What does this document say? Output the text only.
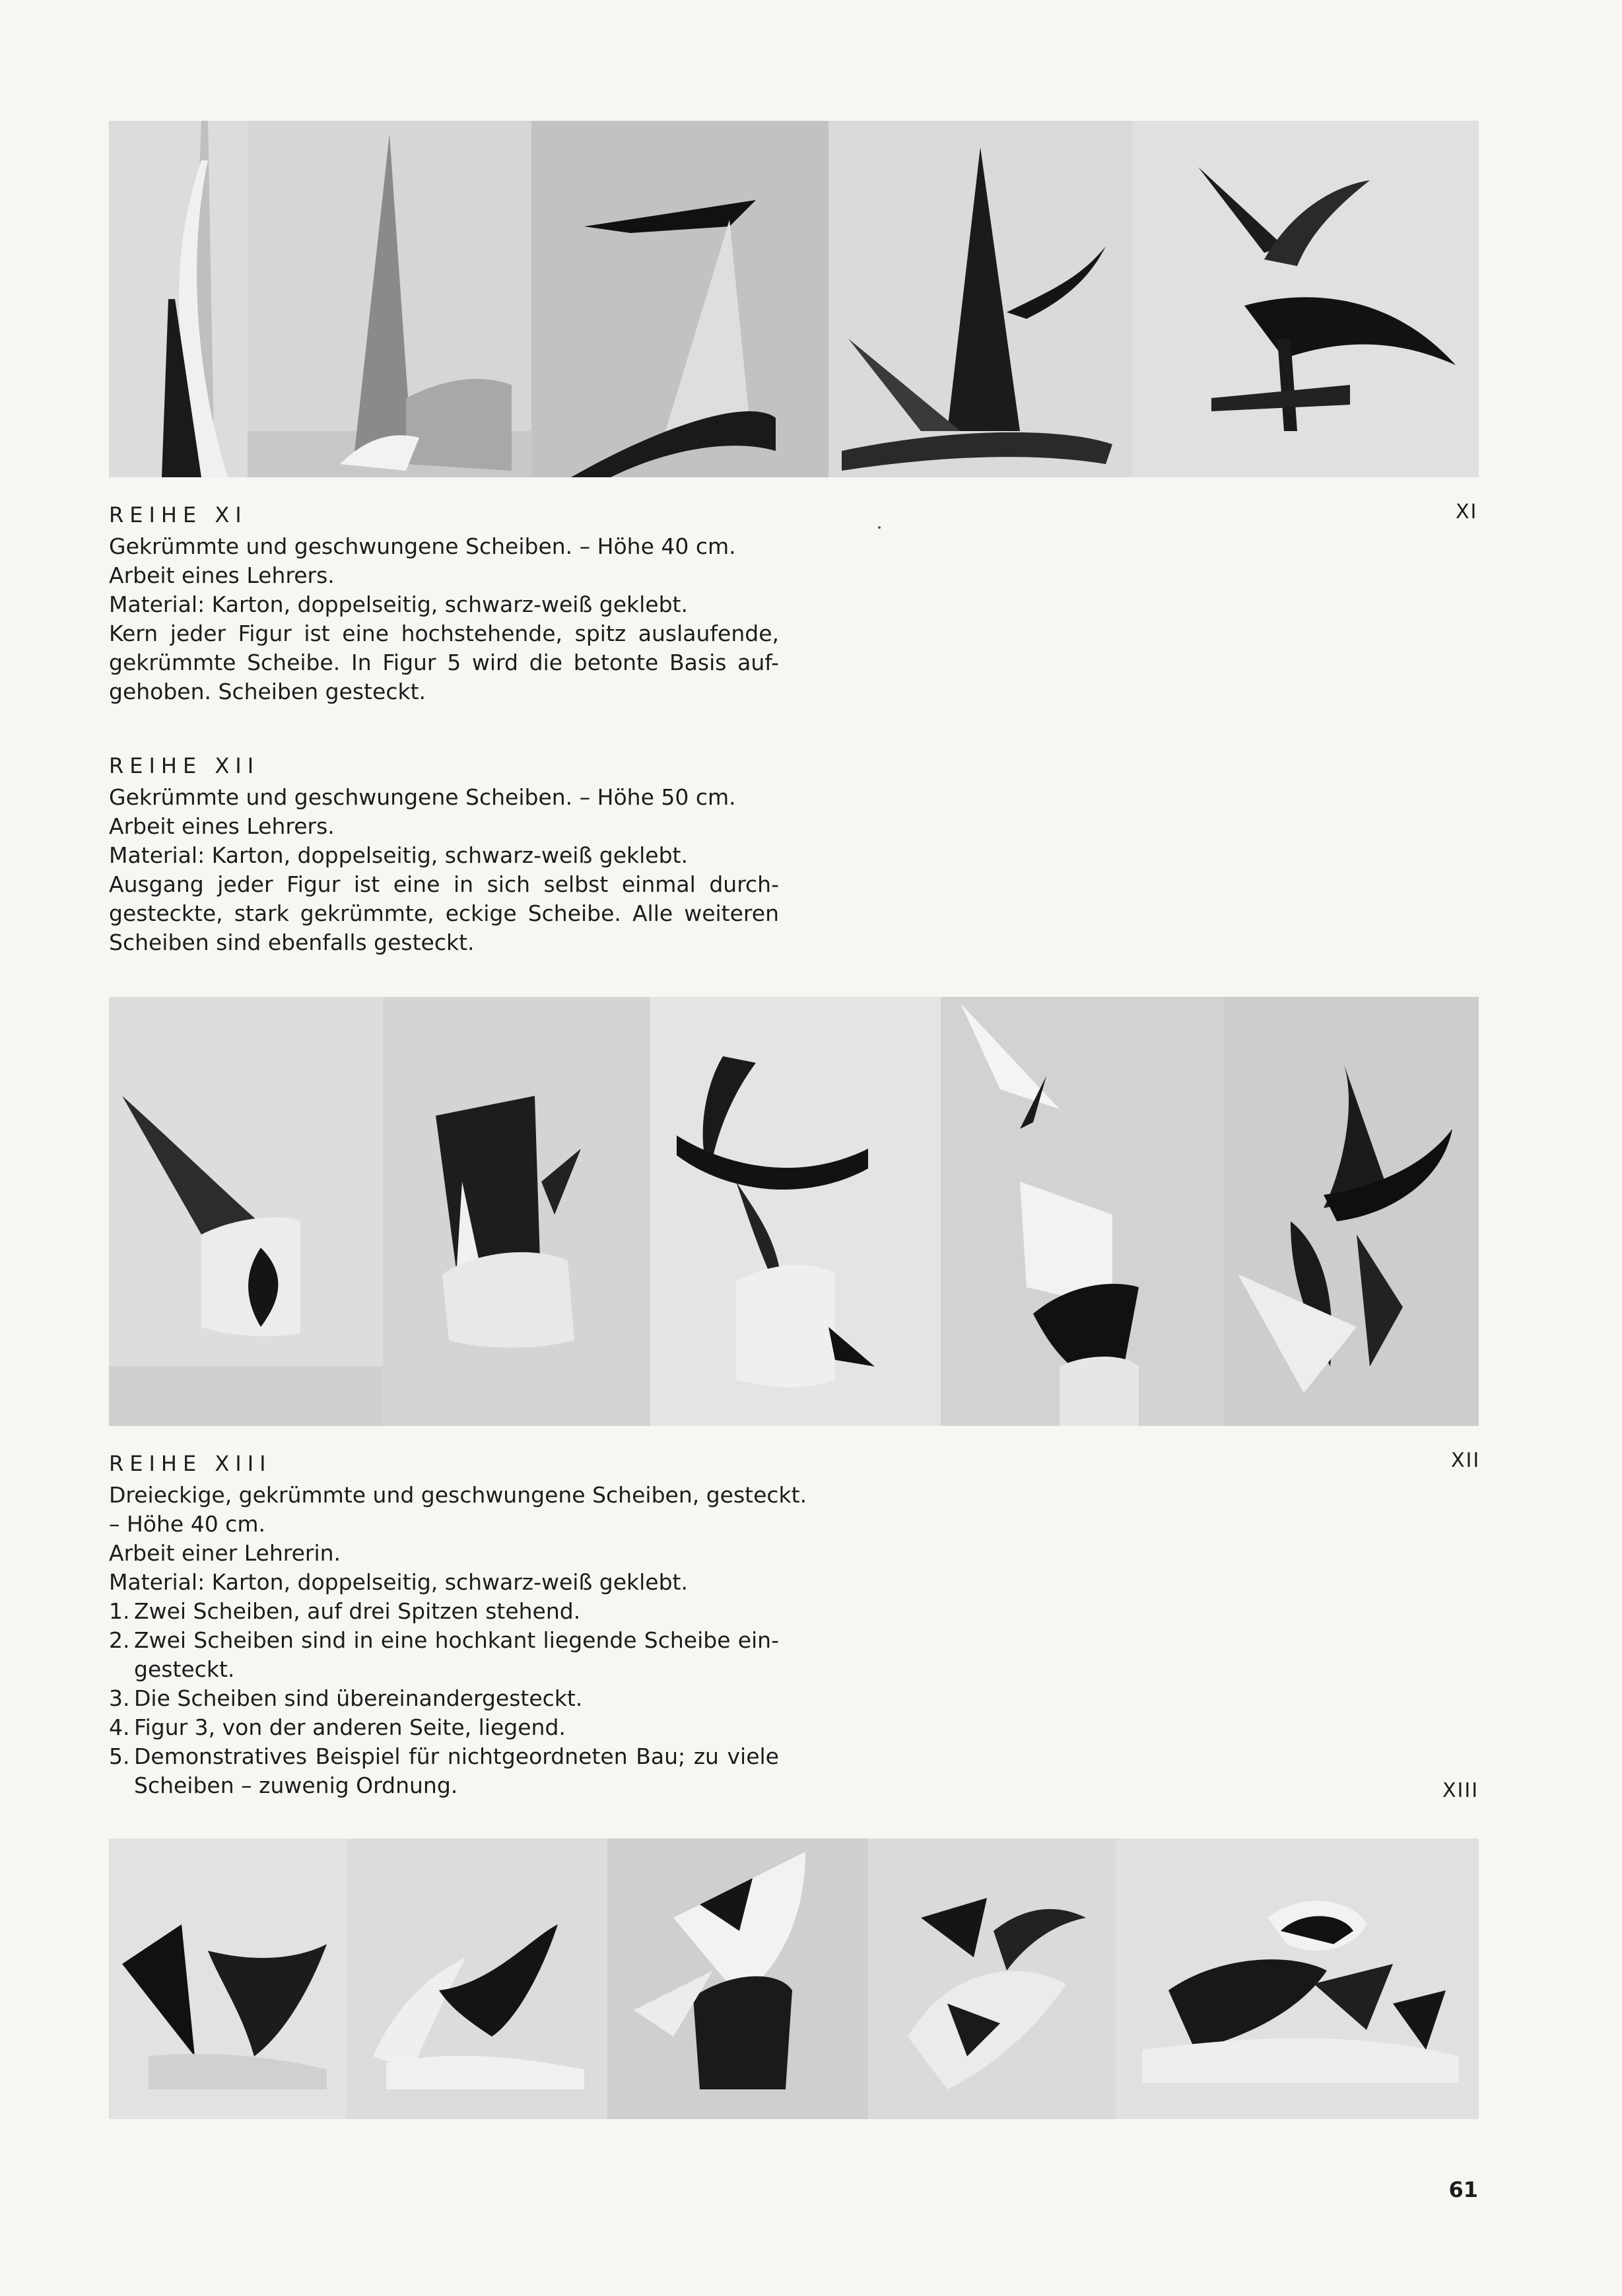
REIHE XI
Gekrümmte und geschwungene Scheiben. – Höhe 40 cm.
Arbeit eines Lehrers.
Material: Karton, doppelseitig, schwarz-weiß geklebt.
Kern jeder Figur ist eine hochstehende, spitz auslaufende,
gekrümmte Scheibe. In Figur 5 wird die betonte Basis auf-
gehoben. Scheiben gesteckt.
XI
REIHE XII
Gekrümmte und geschwungene Scheiben. – Höhe 50 cm.
Arbeit eines Lehrers.
Material: Karton, doppelseitig, schwarz-weiß geklebt.
Ausgang jeder Figur ist eine in sich selbst einmal durch-
gesteckte, stark gekrümmte, eckige Scheibe. Alle weiteren
Scheiben sind ebenfalls gesteckt.
REIHE XIII
Dreieckige, gekrümmte und geschwungene Scheiben, gesteckt.
– Höhe 40 cm.
Arbeit einer Lehrerin.
Material: Karton, doppelseitig, schwarz-weiß geklebt.
1. Zwei Scheiben, auf drei Spitzen stehend.
2. Zwei Scheiben sind in eine hochkant liegende Scheibe ein-
gesteckt.
3. Die Scheiben sind übereinandergesteckt.
4. Figur 3, von der anderen Seite, liegend.
5. Demonstratives Beispiel für nichtgeordneten Bau; zu viele
Scheiben – zuwenig Ordnung.
XII
XIII
61
